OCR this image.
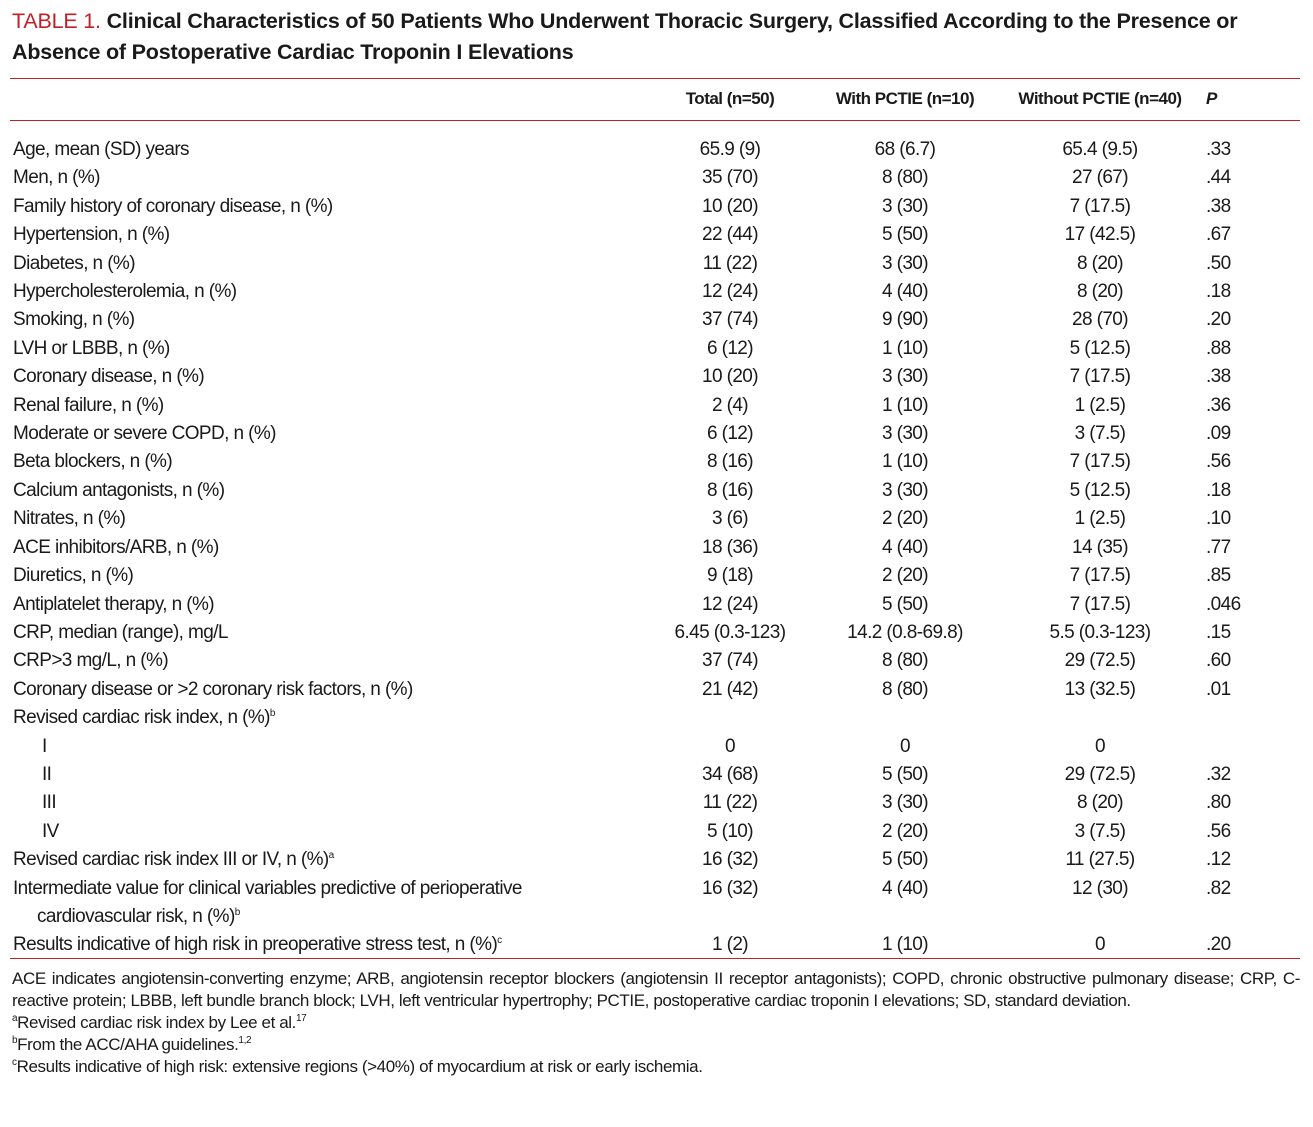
TABLE 1. Clinical Characteristics of 50 Patients Who Underwent Thoracic Surgery, Classified According to the Presence or Absence of Postoperative Cardiac Troponin I Elevations
	Total (n=50)	With PCTIE (n=10)	Without PCTIE (n=40)	P

Age, mean (SD) years	65.9 (9)	68 (6.7)	65.4 (9.5)	.33
Men, n (%)	35 (70)	8 (80)	27 (67)	.44
Family history of coronary disease, n (%)	10 (20)	3 (30)	7 (17.5)	.38
Hypertension, n (%)	22 (44)	5 (50)	17 (42.5)	.67
Diabetes, n (%)	11 (22)	3 (30)	8 (20)	.50
Hypercholesterolemia, n (%)	12 (24)	4 (40)	8 (20)	.18
Smoking, n (%)	37 (74)	9 (90)	28 (70)	.20
LVH or LBBB, n (%)	6 (12)	1 (10)	5 (12.5)	.88
Coronary disease, n (%)	10 (20)	3 (30)	7 (17.5)	.38
Renal failure, n (%)	2 (4)	1 (10)	1 (2.5)	.36
Moderate or severe COPD, n (%)	6 (12)	3 (30)	3 (7.5)	.09
Beta blockers, n (%)	8 (16)	1 (10)	7 (17.5)	.56
Calcium antagonists, n (%)	8 (16)	3 (30)	5 (12.5)	.18
Nitrates, n (%)	3 (6)	2 (20)	1 (2.5)	.10
ACE inhibitors/ARB, n (%)	18 (36)	4 (40)	14 (35)	.77
Diuretics, n (%)	9 (18)	2 (20)	7 (17.5)	.85
Antiplatelet therapy, n (%)	12 (24)	5 (50)	7 (17.5)	.046
CRP, median (range), mg/L	6.45 (0.3-123)	14.2 (0.8-69.8)	5.5 (0.3-123)	.15
CRP>3 mg/L, n (%)	37 (74)	8 (80)	29 (72.5)	.60
Coronary disease or >2 coronary risk factors, n (%)	21 (42)	8 (80)	13 (32.5)	.01
Revised cardiac risk index, n (%)$^b$				
I	0	0	0	
II	34 (68)	5 (50)	29 (72.5)	.32
III	11 (22)	3 (30)	8 (20)	.80
IV	5 (10)	2 (20)	3 (7.5)	.56
Revised cardiac risk index III or IV, n (%)$^a$	16 (32)	5 (50)	11 (27.5)	.12
Intermediate value for clinical variables predictive of perioperative
cardiovascular risk, n (%)$^b$	16 (32)	4 (40)	12 (30)	.82
Results indicative of high risk in preoperative stress test, n (%)$^c$	1 (2)	1 (10)	0	.20

ACE indicates angiotensin-converting enzyme; ARB, angiotensin receptor blockers (angiotensin II receptor antagonists); COPD, chronic obstructive pulmonary disease; CRP, C-reactive protein; LBBB, left bundle branch block; LVH, left ventricular hypertrophy; PCTIE, postoperative cardiac troponin I elevations; SD, standard deviation.

$^a$Revised cardiac risk index by Lee et al.$^{17}$

$^b$From the ACC/AHA guidelines.$^{1,2}$

$^c$Results indicative of high risk: extensive regions (>40%) of myocardium at risk or early ischemia.
